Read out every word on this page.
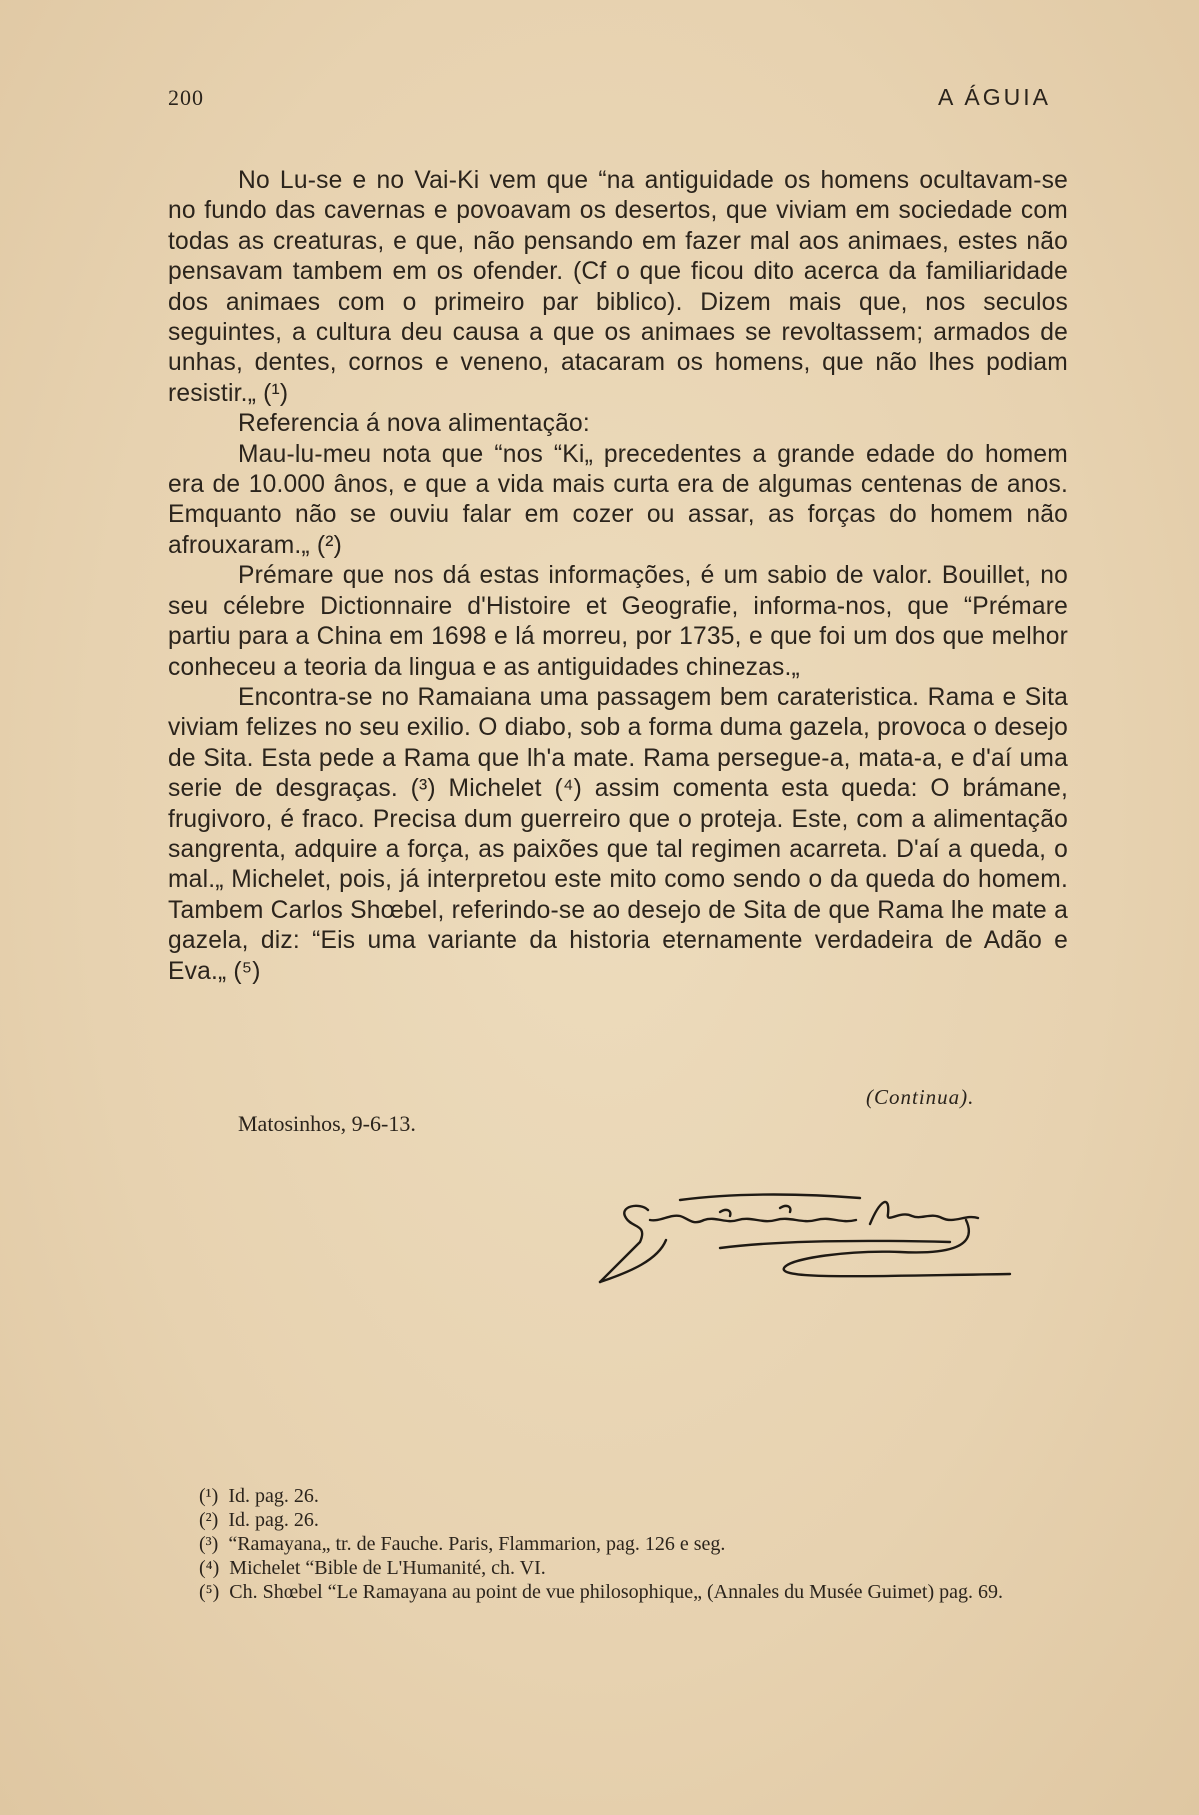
200	A ÁGUIA

No Lu-se e no Vai-Ki vem que “na antiguidade os homens ocultavam-se no fundo das cavernas e povoavam os desertos, que viviam em sociedade com todas as creaturas, e que, não pensando em fazer mal aos animaes, estes não pensavam tambem em os ofender. (Cf o que ficou dito acerca da familiaridade dos animaes com o primeiro par biblico). Dizem mais que, nos seculos seguintes, a cultura deu causa a que os animaes se revoltassem; armados de unhas, dentes, cornos e veneno, atacaram os homens, que não lhes podiam resistir.„ (¹)

Referencia á nova alimentação:

Mau-lu-meu nota que “nos “Ki„ precedentes a grande edade do homem era de 10.000 ânos, e que a vida mais curta era de algumas centenas de anos. Emquanto não se ouviu falar em cozer ou assar, as forças do homem não afrouxaram.„ (²)

Prémare que nos dá estas informações, é um sabio de valor. Bouillet, no seu célebre Dictionnaire d'Histoire et Geografie, informa-nos, que “Prémare partiu para a China em 1698 e lá morreu, por 1735, e que foi um dos que melhor conheceu a teoria da lingua e as antiguidades chinezas.„

Encontra-se no Ramaiana uma passagem bem carateristica. Rama e Sita viviam felizes no seu exilio. O diabo, sob a forma duma gazela, provoca o desejo de Sita. Esta pede a Rama que lh'a mate. Rama persegue-a, mata-a, e d'aí uma serie de desgraças. (³) Michelet (⁴) assim comenta esta queda: O brámane, frugivoro, é fraco. Precisa dum guerreiro que o proteja. Este, com a alimentação sangrenta, adquire a força, as paixões que tal regimen acarreta. D'aí a queda, o mal.„ Michelet, pois, já interpretou este mito como sendo o da queda do homem. Tambem Carlos Shœbel, referindo-se ao desejo de Sita de que Rama lhe mate a gazela, diz: “Eis uma variante da historia eternamente verdadeira de Adão e Eva.„ (⁵)

(Continua).
Matosinhos, 9-6-13.

(¹) Id. pag. 26.

(²) Id. pag. 26.

(³) “Ramayana„ tr. de Fauche. Paris, Flammarion, pag. 126 e seg.

(⁴) Michelet “Bible de L'Humanité, ch. VI.

(⁵) Ch. Shœbel “Le Ramayana au point de vue philosophique„ (Annales du Musée Guimet) pag. 69.
